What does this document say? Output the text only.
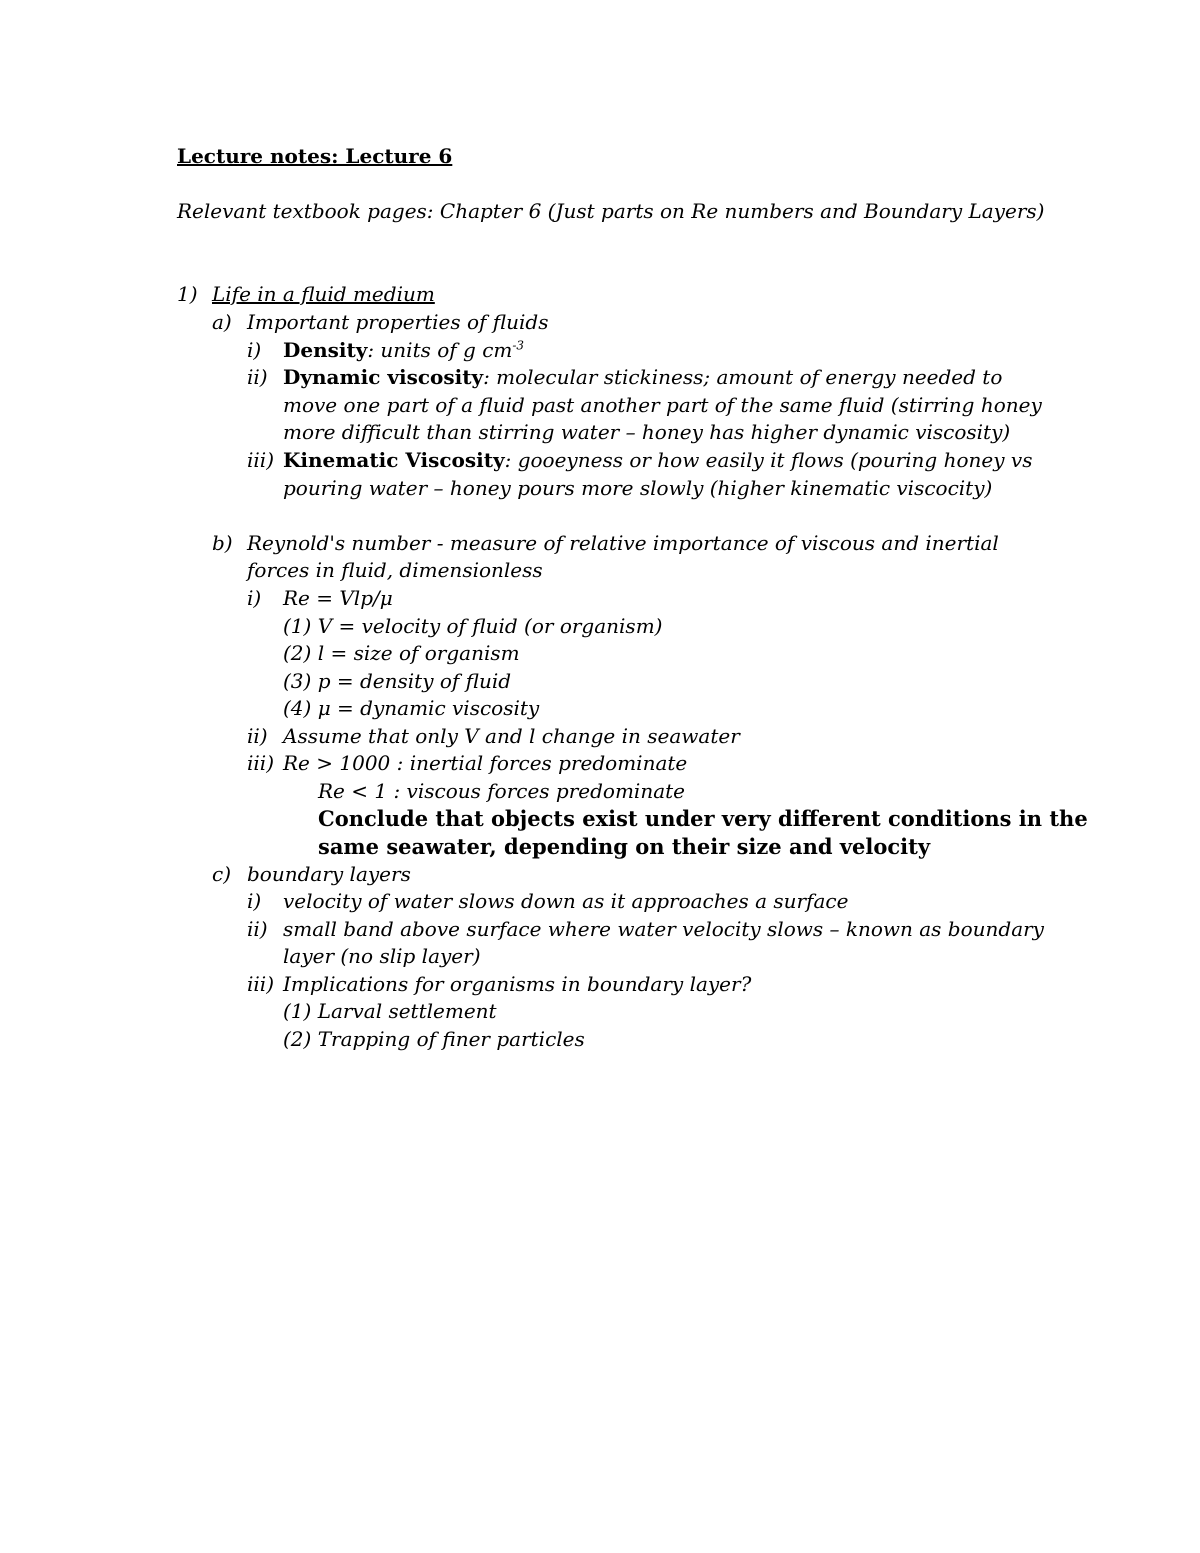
Lecture notes: Lecture 6
Relevant textbook pages: Chapter 6 (Just parts on Re numbers and Boundary Layers)
1) Life in a fluid medium
a) Important properties of fluids
i) Density: units of g $cm^{-3}$
ii) Dynamic viscosity: molecular stickiness; amount of energy needed to
move one part of a fluid past another part of the same fluid (stirring honey
more difficult than stirring water – honey has higher dynamic viscosity)
iii) Kinematic Viscosity: gooeyness or how easily it flows (pouring honey vs
pouring water – honey pours more slowly (higher kinematic viscocity)
b) Reynold's number - measure of relative importance of viscous and inertial
forces in fluid, dimensionless
i) Re = Vlp/μ
(1) V = velocity of fluid (or organism)
(2) l = size of organism
(3) p = density of fluid
(4) μ = dynamic viscosity
ii) Assume that only V and l change in seawater
iii) Re > 1000 : inertial forces predominate
Re < 1 : viscous forces predominate
Conclude that objects exist under very different conditions in the
same seawater, depending on their size and velocity
c) boundary layers
i) velocity of water slows down as it approaches a surface
ii) small band above surface where water velocity slows – known as boundary
layer (no slip layer)
iii) Implications for organisms in boundary layer?
(1) Larval settlement
(2) Trapping of finer particles
